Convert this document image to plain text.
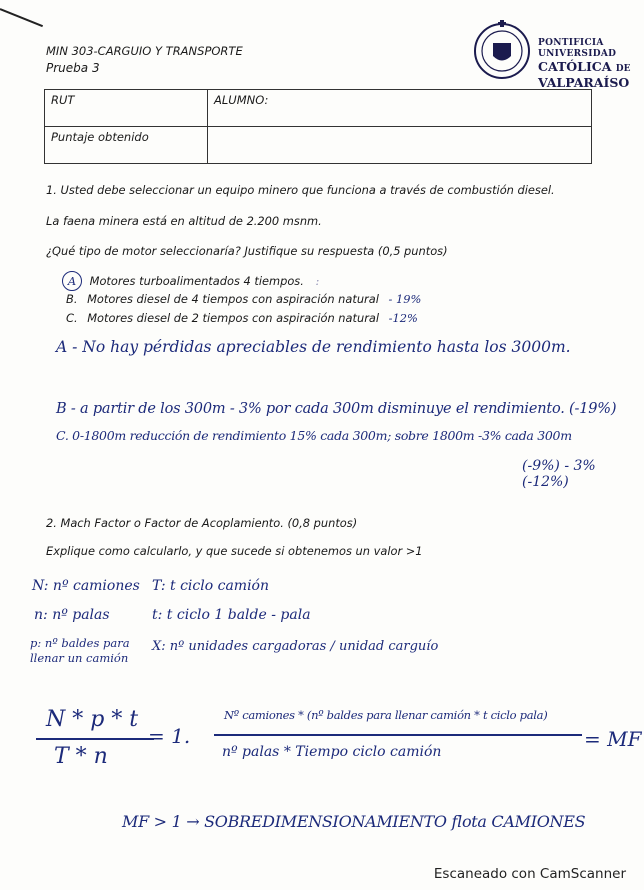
MIN 303-CARGUIO Y TRANSPORTE
Prueba 3
PONTIFICIA
UNIVERSIDAD
CATÓLICA DE
VALPARAÍSO
RUT	ALUMNO:
Puntaje obtenido	
1. Usted debe seleccionar un equipo minero que funciona a través de combustión diesel.
La faena minera está en altitud de 2.200 msnm.
¿Qué tipo de motor seleccionaría? Justifique su respuesta (0,5 puntos)
A Motores turboalimentados 4 tiempos. :
B. Motores diesel de 4 tiempos con aspiración natural - 19%
C. Motores diesel de 2 tiempos con aspiración natural -12%
A - No hay pérdidas apreciables de rendimiento hasta los 3000m.
B - a partir de los 300m - 3% por cada 300m disminuye el rendimiento. (-19%)
C. 0-1800m reducción de rendimiento 15% cada 300m; sobre 1800m -3% cada 300m
(-9%) - 3% (-12%)
2. Mach Factor o Factor de Acoplamiento. (0,8 puntos)
Explique como calcularlo, y que sucede si obtenemos un valor >1
N: nº camiones T: t ciclo camión
n: nº palas	t: t ciclo 1 balde - pala
p: nº baldes para llenar un camión
X: nº unidades cargadoras / unidad carguío
N * p * t
T * n
= 1.
Nº camiones * (nº baldes para llenar camión * t ciclo pala)
nº palas * Tiempo ciclo camión
= MF
MF > 1 → SOBREDIMENSIONAMIENTO flota CAMIONES
Escaneado con CamScanner
